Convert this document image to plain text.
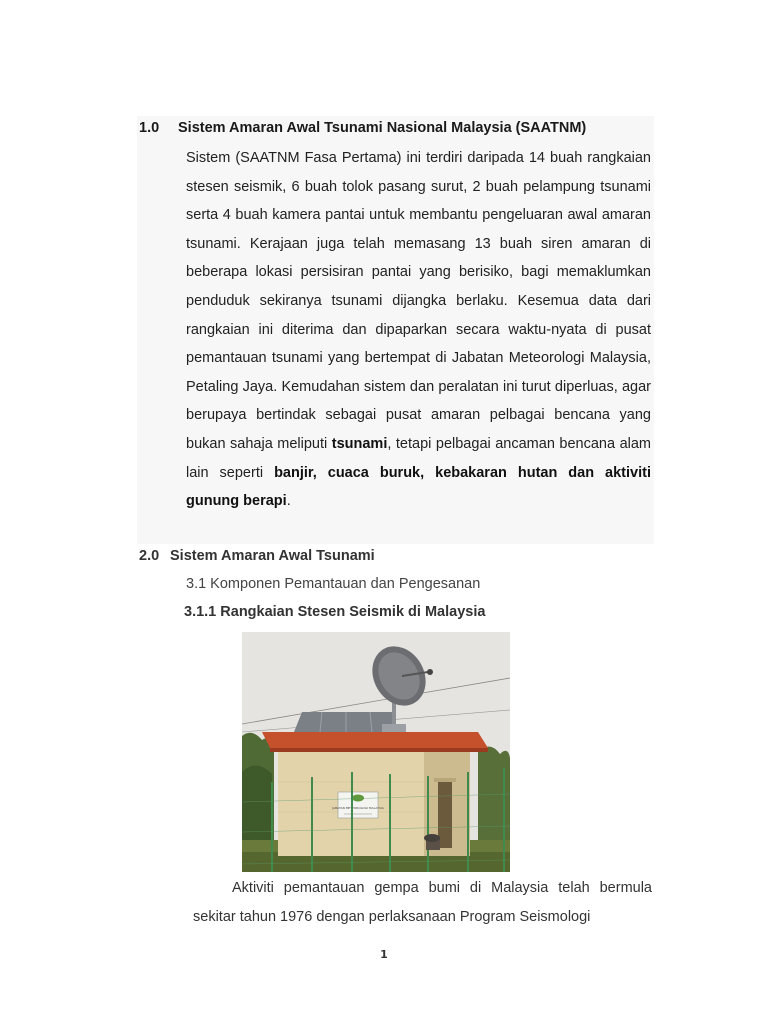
1.0 Sistem Amaran Awal Tsunami Nasional Malaysia (SAATNM)
Sistem (SAATNM Fasa Pertama) ini terdiri daripada 14 buah rangkaian stesen seismik, 6 buah tolok pasang surut, 2 buah pelampung tsunami serta 4 buah kamera pantai untuk membantu pengeluaran awal amaran tsunami. Kerajaan juga telah memasang 13 buah siren amaran di beberapa lokasi persisiran pantai yang berisiko, bagi memaklumkan penduduk sekiranya tsunami dijangka berlaku. Kesemua data dari rangkaian ini diterima dan dipaparkan secara waktu-nyata di pusat pemantauan tsunami yang bertempat di Jabatan Meteorologi Malaysia, Petaling Jaya. Kemudahan sistem dan peralatan ini turut diperluas, agar berupaya bertindak sebagai pusat amaran pelbagai bencana yang bukan sahaja meliputi tsunami, tetapi pelbagai ancaman bencana alam lain seperti banjir, cuaca buruk, kebakaran hutan dan aktiviti gunung berapi.
2.0 Sistem Amaran Awal Tsunami
3.1 Komponen Pemantauan dan Pengesanan
3.1.1 Rangkaian Stesen Seismik di Malaysia
JABATAN METEOROLOGI MALAYSIA
Aktiviti pemantauan gempa bumi di Malaysia telah bermula sekitar tahun 1976 dengan perlaksanaan Program Seismologi
1
